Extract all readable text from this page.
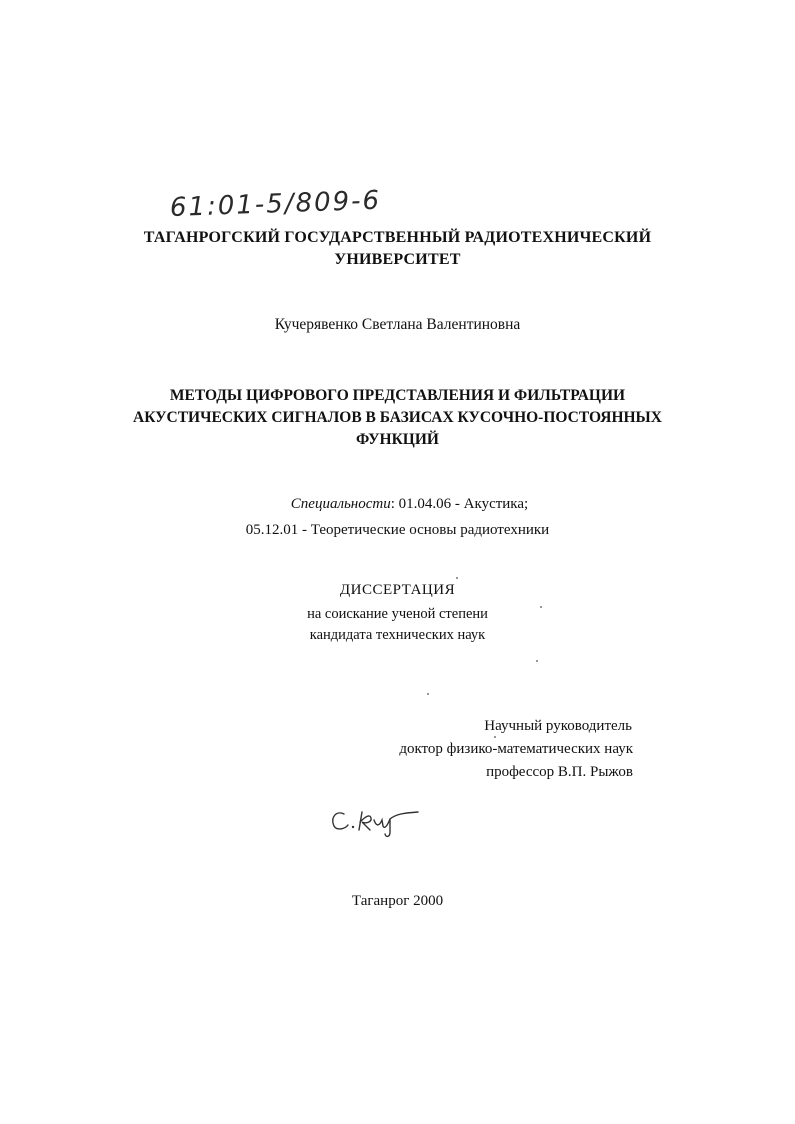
61:01-5/809-6

ТАГАНРОГСКИЙ ГОСУДАРСТВЕННЫЙ РАДИОТЕХНИЧЕСКИЙ

УНИВЕРСИТЕТ

Кучерявенко Светлана Валентиновна

МЕТОДЫ ЦИФРОВОГО ПРЕДСТАВЛЕНИЯ И ФИЛЬТРАЦИИ

АКУСТИЧЕСКИХ СИГНАЛОВ В БАЗИСАХ КУСОЧНО-ПОСТОЯННЫХ

ФУНКЦИЙ

Специальности: 01.04.06 - Акустика;

05.12.01 - Теоретические основы радиотехники

ДИССЕРТАЦИЯ

на соискание ученой степени

кандидата технических наук

Научный руководитель

доктор физико-математических наук

профессор В.П. Рыжов

Таганрог 2000
